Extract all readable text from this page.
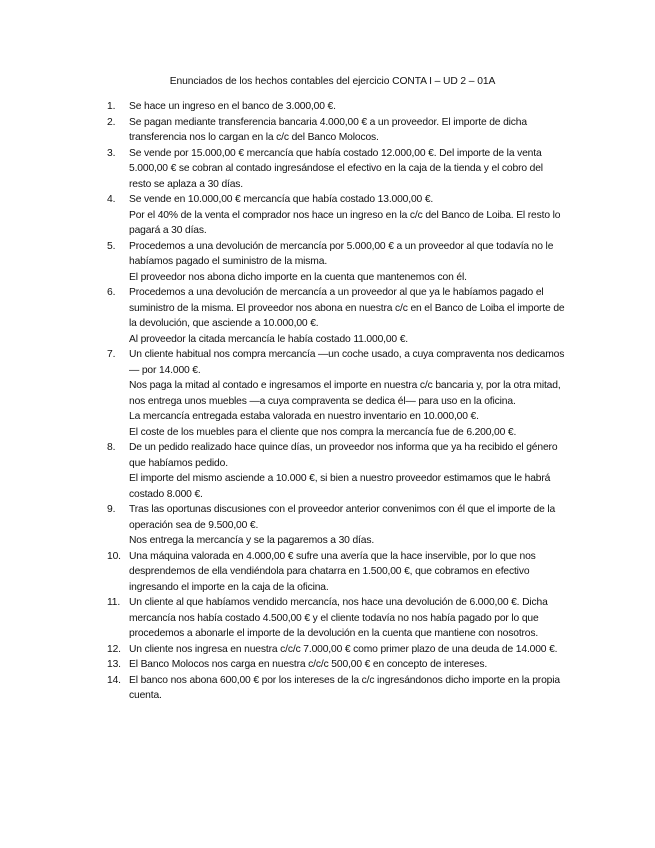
Enunciados de los hechos contables del ejercicio CONTA I – UD 2 – 01A
1. Se hace un ingreso en el banco de 3.000,00 €.
2. Se pagan mediante transferencia bancaria 4.000,00 € a un proveedor. El importe de dicha transferencia nos lo cargan en la c/c del Banco Molocos.
3. Se vende por 15.000,00 € mercancía que había costado 12.000,00 €. Del importe de la venta 5.000,00 € se cobran al contado ingresándose el efectivo en la caja de la tienda y el cobro del resto se aplaza a 30 días.
4. Se vende en 10.000,00 € mercancía que había costado 13.000,00 €.
Por el 40% de la venta el comprador nos hace un ingreso en la c/c del Banco de Loiba. El resto lo pagará a 30 días.
5. Procedemos a una devolución de mercancía por 5.000,00 € a un proveedor al que todavía no le habíamos pagado el suministro de la misma.
El proveedor nos abona dicho importe en la cuenta que mantenemos con él.
6. Procedemos a una devolución de mercancía a un proveedor al que ya le habíamos pagado el suministro de la misma. El proveedor nos abona en nuestra c/c en el Banco de Loiba el importe de la devolución, que asciende a 10.000,00 €.
Al proveedor la citada mercancía le había costado 11.000,00 €.
7. Un cliente habitual nos compra mercancía —un coche usado, a cuya compraventa nos dedicamos— por 14.000 €.
Nos paga la mitad al contado e ingresamos el importe en nuestra c/c bancaria y, por la otra mitad, nos entrega unos muebles —a cuya compraventa se dedica él— para uso en la oficina.
La mercancía entregada estaba valorada en nuestro inventario en 10.000,00 €.
El coste de los muebles para el cliente que nos compra la mercancía fue de 6.200,00 €.
8. De un pedido realizado hace quince días, un proveedor nos informa que ya ha recibido el género que habíamos pedido.
El importe del mismo asciende a 10.000 €, si bien a nuestro proveedor estimamos que le habrá costado 8.000 €.
9. Tras las oportunas discusiones con el proveedor anterior convenimos con él que el importe de la operación sea de 9.500,00 €.
Nos entrega la mercancía y se la pagaremos a 30 días.
10. Una máquina valorada en 4.000,00 € sufre una avería que la hace inservible, por lo que nos desprendemos de ella vendiéndola para chatarra en 1.500,00 €, que cobramos en efectivo ingresando el importe en la caja de la oficina.
11. Un cliente al que habíamos vendido mercancía, nos hace una devolución de 6.000,00 €. Dicha mercancía nos había costado 4.500,00 € y el cliente todavía no nos había pagado por lo que procedemos a abonarle el importe de la devolución en la cuenta que mantiene con nosotros.
12. Un cliente nos ingresa en nuestra c/c/c 7.000,00 € como primer plazo de una deuda de 14.000 €.
13. El Banco Molocos nos carga en nuestra c/c/c 500,00 € en concepto de intereses.
14. El banco nos abona 600,00 € por los intereses de la c/c ingresándonos dicho importe en la propia cuenta.
